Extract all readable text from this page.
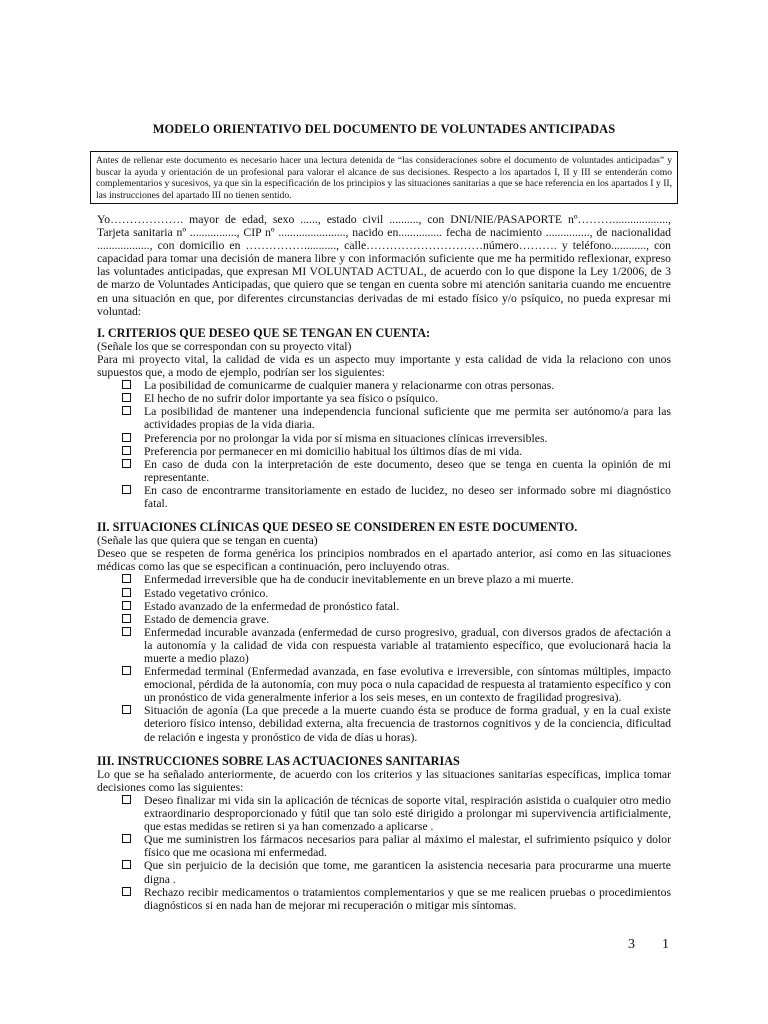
MODELO ORIENTATIVO DEL DOCUMENTO DE VOLUNTADES ANTICIPADAS
Antes de rellenar este documento es necesario hacer una lectura detenida de “las consideraciones sobre el documento de voluntades anticipadas” y buscar la ayuda y orientación de un profesional para valorar el alcance de sus decisiones. Respecto a los apartados I, II y III se entenderán como complementarios y sucesivos, ya que sin la especificación de los principios y las situaciones sanitarias a que se hace referencia en los apartados I y II, las instrucciones del apartado III no tienen sentido.

Yo………………. mayor de edad, sexo ......, estado civil .........., con DNI/NIE/PASAPORTE nº………..................., Tarjeta sanitaria nº ................, CIP nº ......................., nacido en............... fecha de nacimiento ..............., de nacionalidad .................., con domicilio en ……………..........., calle…………………………número………. y teléfono............, con capacidad para tomar una decisión de manera libre y con información suficiente que me ha permitido reflexionar, expreso las voluntades anticipadas, que expresan MI VOLUNTAD ACTUAL, de acuerdo con lo que dispone la Ley 1/2006, de 3 de marzo de Voluntades Anticipadas, que quiero que se tengan en cuenta sobre mi atención sanitaria cuando me encuentre en una situación en que, por diferentes circunstancias derivadas de mi estado físico y/o psíquico, no pueda expresar mi voluntad:

I. CRITERIOS QUE DESEO QUE SE TENGAN EN CUENTA:

(Señale los que se correspondan con su proyecto vital)

Para mi proyecto vital, la calidad de vida es un aspecto muy importante y esta calidad de vida la relaciono con unos supuestos que, a modo de ejemplo, podrían ser los siguientes:

La posibilidad de comunicarme de cualquier manera y relacionarme con otras personas.
El hecho de no sufrir dolor importante ya sea físico o psíquico.
La posibilidad de mantener una independencia funcional suficiente que me permita ser autónomo/a para las actividades propias de la vida diaria.
Preferencia por no prolongar la vida por sí misma en situaciones clínicas irreversibles.
Preferencia por permanecer en mi domicilio habitual los últimos días de mi vida.
En caso de duda con la interpretación de este documento, deseo que se tenga en cuenta la opinión de mi representante.
En caso de encontrarme transitoriamente en estado de lucidez, no deseo ser informado sobre mi diagnóstico fatal.

II. SITUACIONES CLÍNICAS QUE DESEO SE CONSIDEREN EN ESTE DOCUMENTO.

(Señale las que quiera que se tengan en cuenta)

Deseo que se respeten de forma genérica los principios nombrados en el apartado anterior, así como en las situaciones médicas como las que se especifican a continuación, pero incluyendo otras.

Enfermedad irreversible que ha de conducir inevitablemente en un breve plazo a mi muerte.
Estado vegetativo crónico.
Estado avanzado de la enfermedad de pronóstico fatal.
Estado de demencia grave.
Enfermedad incurable avanzada (enfermedad de curso progresivo, gradual, con diversos grados de afectación a la autonomía y la calidad de vida con respuesta variable al tratamiento específico, que evolucionará hacia la muerte a medio plazo)
Enfermedad terminal (Enfermedad avanzada, en fase evolutiva e irreversible, con síntomas múltiples, impacto emocional, pérdida de la autonomía, con muy poca o nula capacidad de respuesta al tratamiento específico y con un pronóstico de vida generalmente inferior a los seis meses, en un contexto de fragilidad progresiva).
Situación de agonía (La que precede a la muerte cuando ésta se produce de forma gradual, y en la cual existe deterioro físico intenso, debilidad externa, alta frecuencia de trastornos cognitivos y de la conciencia, dificultad de relación e ingesta y pronóstico de vida de días u horas).

III. INSTRUCCIONES SOBRE LAS ACTUACIONES SANITARIAS

Lo que se ha señalado anteriormente, de acuerdo con los criterios y las situaciones sanitarias específicas, implica tomar decisiones como las siguientes:

Deseo finalizar mi vida sin la aplicación de técnicas de soporte vital, respiración asistida o cualquier otro medio extraordinario desproporcionado y fútil que tan solo esté dirigido a prolongar mi supervivencia artificialmente, que estas medidas se retiren si ya han comenzado a aplicarse .
Que me suministren los fármacos necesarios para paliar al máximo el malestar, el sufrimiento psíquico y dolor físico que me ocasiona mi enfermedad.
Que sin perjuicio de la decisión que tome, me garanticen la asistencia necesaria para procurarme una muerte digna .
Rechazo recibir medicamentos o tratamientos complementarios y que se me realicen pruebas o procedimientos diagnósticos si en nada han de mejorar mi recuperación o mitigar mis síntomas.
3 1
